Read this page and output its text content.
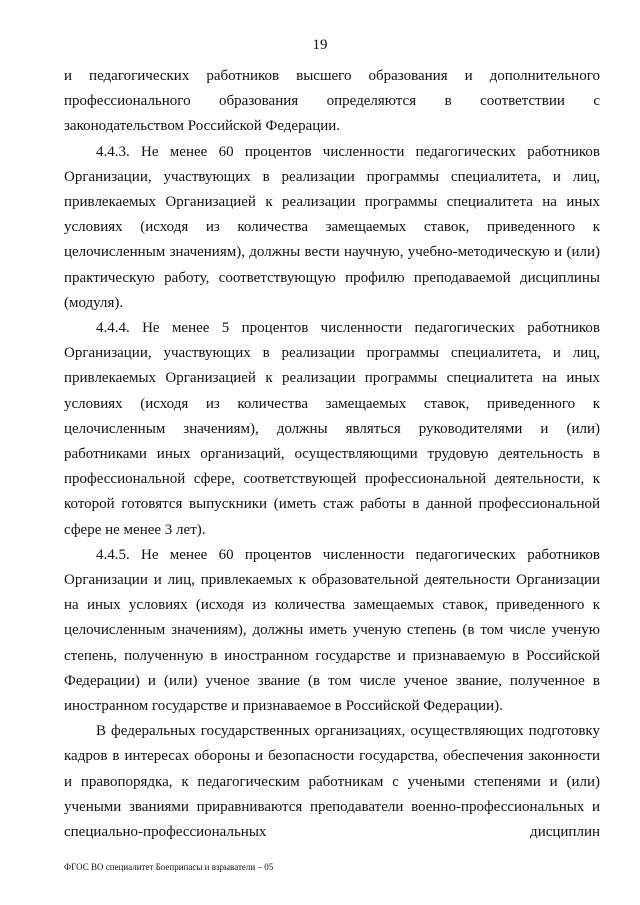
19

и педагогических работников высшего образования и дополнительного профессионального образования определяются в соответствии с законодательством Российской Федерации.

4.4.3. Не менее 60 процентов численности педагогических работников Организации, участвующих в реализации программы специалитета, и лиц, привлекаемых Организацией к реализации программы специалитета на иных условиях (исходя из количества замещаемых ставок, приведенного к целочисленным значениям), должны вести научную, учебно-методическую и (или) практическую работу, соответствующую профилю преподаваемой дисциплины (модуля).

4.4.4. Не менее 5 процентов численности педагогических работников Организации, участвующих в реализации программы специалитета, и лиц, привлекаемых Организацией к реализации программы специалитета на иных условиях (исходя из количества замещаемых ставок, приведенного к целочисленным значениям), должны являться руководителями и (или) работниками иных организаций, осуществляющими трудовую деятельность в профессиональной сфере, соответствующей профессиональной деятельности, к которой готовятся выпускники (иметь стаж работы в данной профессиональной сфере не менее 3 лет).

4.4.5. Не менее 60 процентов численности педагогических работников Организации и лиц, привлекаемых к образовательной деятельности Организации на иных условиях (исходя из количества замещаемых ставок, приведенного к целочисленным значениям), должны иметь ученую степень (в том числе ученую степень, полученную в иностранном государстве и признаваемую в Российской Федерации) и (или) ученое звание (в том числе ученое звание, полученное в иностранном государстве и признаваемое в Российской Федерации).

В федеральных государственных организациях, осуществляющих подготовку кадров в интересах обороны и безопасности государства, обеспечения законности и правопорядка, к педагогическим работникам с учеными степенями и (или) учеными званиями приравниваются преподаватели военно-профессиональных и специально-профессиональных дисциплин

ФГОС ВО специалитет Боеприпасы и взрыватели – 05
